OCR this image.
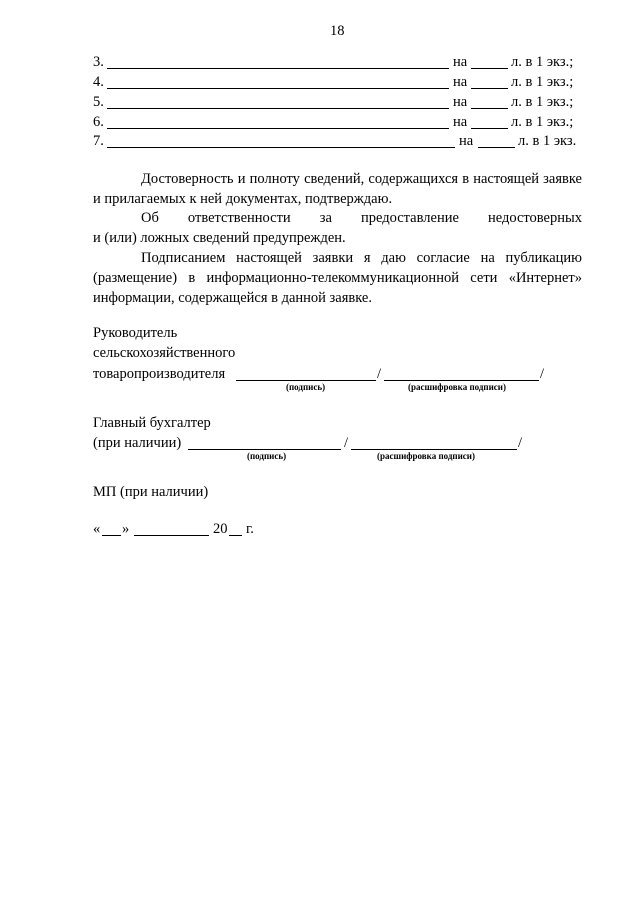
18
3.	на	л. в 1 экз.;
4.	на	л. в 1 экз.;
5.	на	л. в 1 экз.;
6.	на	л. в 1 экз.;
7.	на	л. в 1 экз.
Достоверность и полноту сведений, содержащихся в настоящей заявке и прилагаемых к ней документах, подтверждаю.
Об ответственности за предоставление недостоверных
и (или) ложных сведений предупрежден.
Подписанием настоящей заявки я даю согласие на публикацию (размещение) в информационно-телекоммуникационной сети «Интернет» информации, содержащейся в данной заявке.
Руководитель
сельскохозяйственного
товаропроизводителя	/	/
(подпись)	(расшифровка подписи)
Главный бухгалтер
(при наличии)	/	/
(подпись)	(расшифровка подписи)
МП (при наличии)
« »	20 г.
